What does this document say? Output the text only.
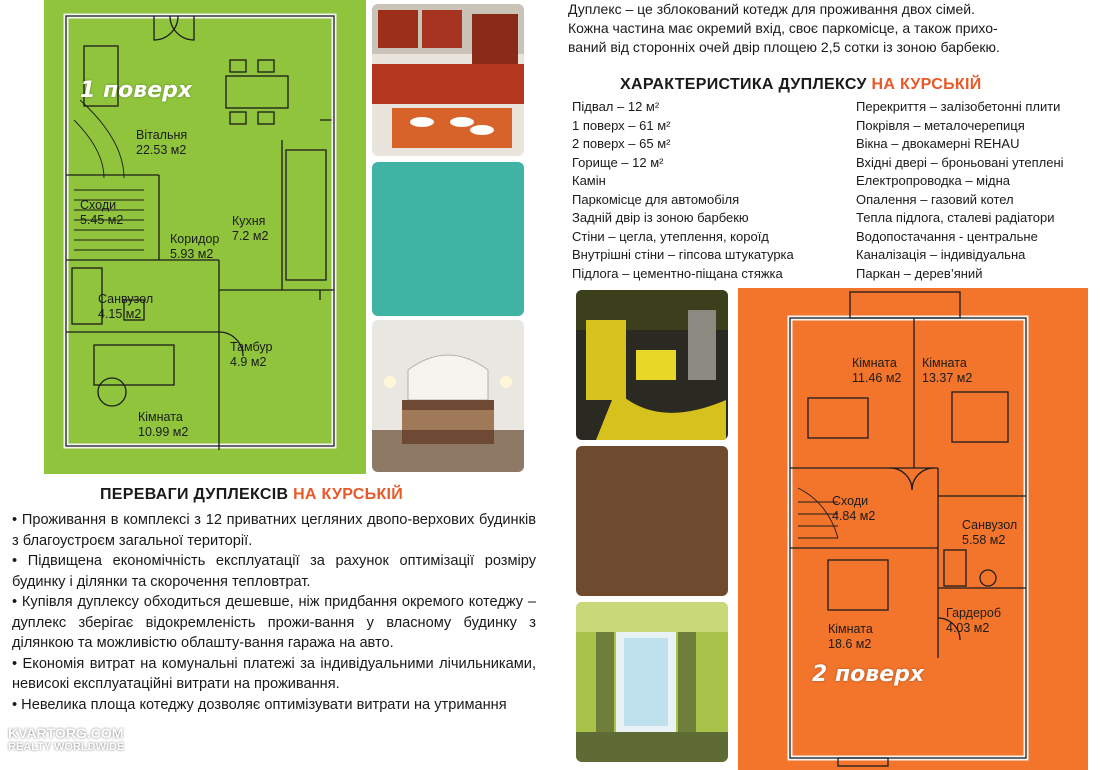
1 поверх
Вітальня
22.53 м2
Сходи
5.45 м2	Кухня
7.2 м2
Коридор
5.93 м2
Санвузол
4.15 м2
Тамбур
4.9 м2
Кімната
10.99 м2
ПЕРЕВАГИ ДУПЛЕКСІВ НА КУРСЬКІЙ

• Проживання в комплексі з 12 приватних цегляних двопо-верхових будинків з благоустроєм загальної території.

• Підвищена економічність експлуатації за рахунок оптимізації розміру будинку і ділянки та скорочення тепловтрат.

• Купівля дуплексу обходиться дешевше, ніж придбання окремого котеджу – дуплекс зберігає відокремленість прожи-вання у власному будинку з ділянкою та можливістю облашту-вання гаража на авто.

• Економія витрат на комунальні платежі за індивідуальними лічильниками, невисокі експлуатаційні витрати на проживання.

• Невелика площа котеджу дозволяє оптимізувати витрати на утримання

KVARTORG.COM
REALTY WORLDWIDE
Дуплекс – це зблокований котедж для проживання двох сімей.
Кожна частина має окремий вхід, своє паркомісце, а також прихо-
ваний від сторонніх очей двір площею 2,5 сотки із зоною барбекю.
ХАРАКТЕРИСТИКА ДУПЛЕКСУ НА КУРСЬКІЙ
Підвал – 12 м²
1 поверх – 61 м²
2 поверх – 65 м²
Горище – 12 м²
Камін
Паркомісце для автомобіля
Задній двір із зоною барбекю
Стіни – цегла, утеплення, короїд
Внутрішні стіни – гіпсова штукатурка
Підлога – цементно-піщана стяжка
Перекриття – залізобетонні плити
Покрівля – металочерепиця
Вікна – двокамерні REHAU
Вхідні двері – броньовані утеплені
Електропроводка – мідна
Опалення – газовий котел
Тепла підлога, сталеві радіатори
Водопостачання - центральне
Каналізація – індивідуальна
Паркан – дерев’яний
Кімната
11.46 м2
Кімната
13.37 м2
Сходи
4.84 м2
Санвузол
5.58 м2
Кімната
18.6 м2
Гардероб
4.03 м2
2 поверх
